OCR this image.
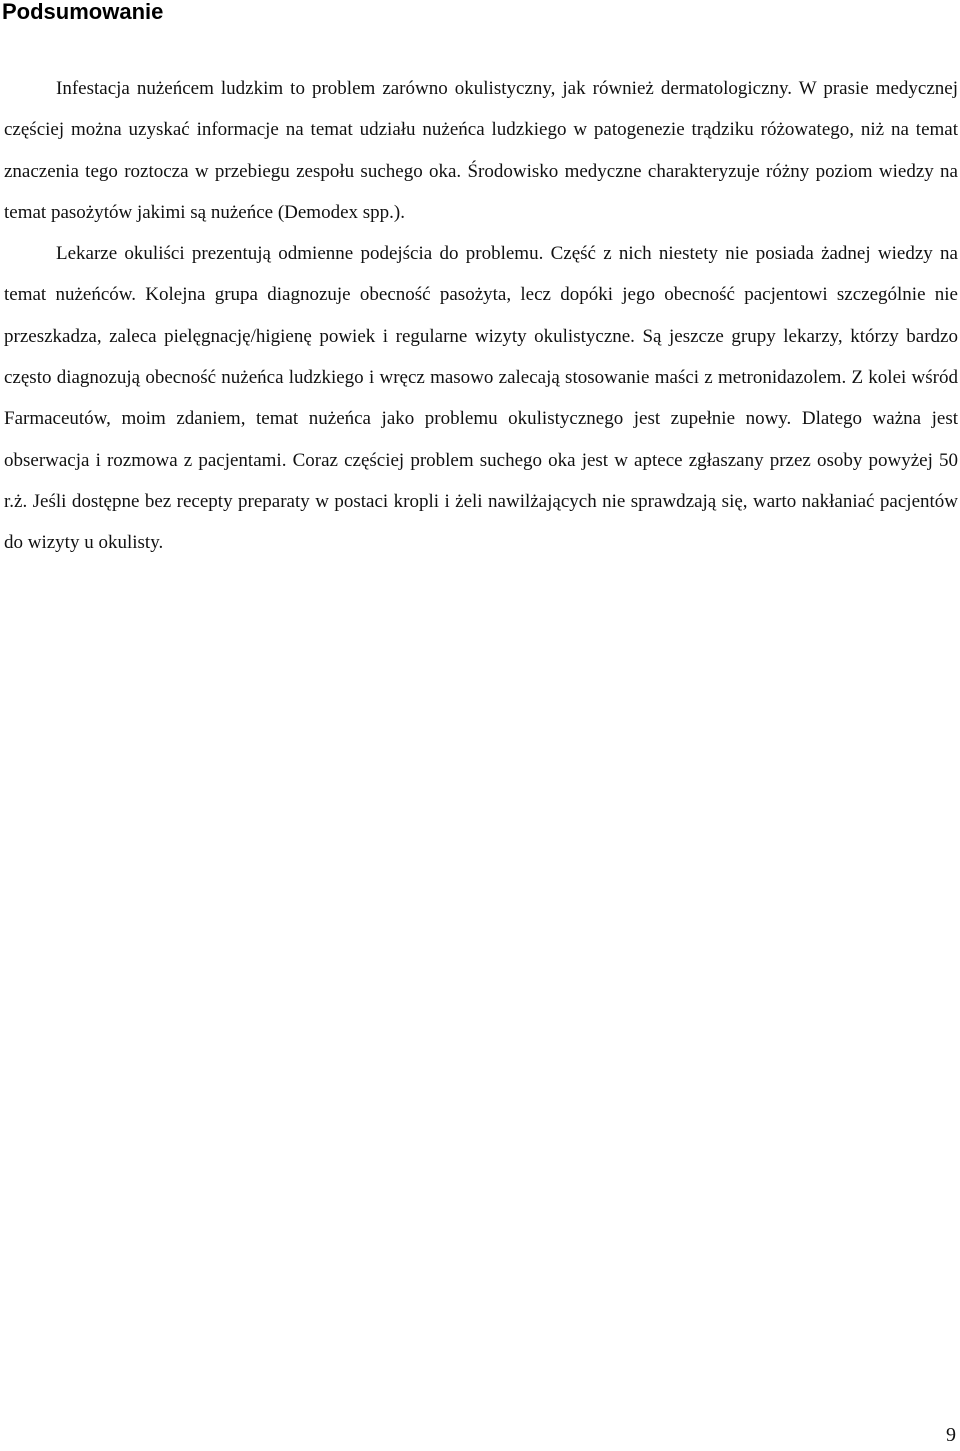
Podsumowanie

Infestacja nużeńcem ludzkim to problem zarówno okulistyczny, jak również dermatologiczny. W prasie medycznej częściej można uzyskać informacje na temat udziału nużeńca ludzkiego w patogenezie trądziku różowatego, niż na temat znaczenia tego roztocza w przebiegu zespołu suchego oka. Środowisko medyczne charakteryzuje różny poziom wiedzy na temat pasożytów jakimi są nużeńce (Demodex spp.).

Lekarze okuliści prezentują odmienne podejścia do problemu. Część z nich niestety nie posiada żadnej wiedzy na temat nużeńców. Kolejna grupa diagnozuje obecność pasożyta, lecz dopóki jego obecność pacjentowi szczególnie nie przeszkadza, zaleca pielęgnację/higienę powiek i regularne wizyty okulistyczne. Są jeszcze grupy lekarzy, którzy bardzo często diagnozują obecność nużeńca ludzkiego i wręcz masowo zalecają stosowanie maści z metronidazolem. Z kolei wśród Farmaceutów, moim zdaniem, temat nużeńca jako problemu okulistycznego jest zupełnie nowy. Dlatego ważna jest obserwacja i rozmowa z pacjentami. Coraz częściej problem suchego oka jest w aptece zgłaszany przez osoby powyżej 50 r.ż. Jeśli dostępne bez recepty preparaty w postaci kropli i żeli nawilżających nie sprawdzają się, warto nakłaniać pacjentów do wizyty u okulisty.

9
